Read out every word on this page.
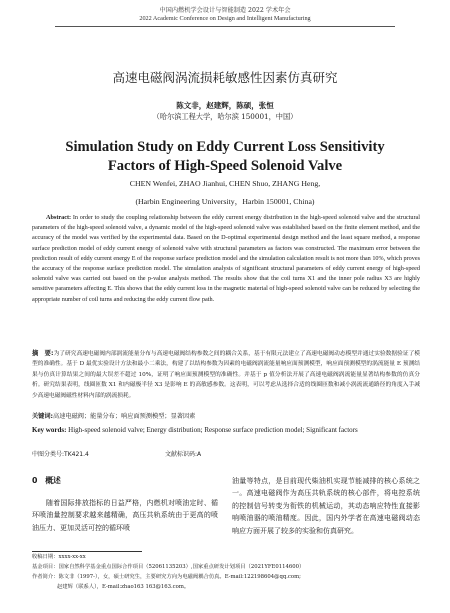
中国内燃机学会设计与智能制造 2022 学术年会
2022 Academic Conference on Design and Intelligent Manufacturing
高速电磁阀涡流损耗敏感性因素仿真研究
陈文非，赵建辉，陈硕，张恒
（哈尔滨工程大学，哈尔滨 150001，中国）
Simulation Study on Eddy Current Loss Sensitivity
Factors of High-Speed Solenoid Valve
CHEN Wenfei, ZHAO Jianhui, CHEN Shuo, ZHANG Heng,
(Harbin Engineering University，Harbin 150001, China)
Abstract: In order to study the coupling relationship between the eddy current energy distribution in the high-speed solenoid valve and the structural parameters of the high-speed solenoid valve, a dynamic model of the high-speed solenoid valve was established based on the finite element method, and the accuracy of the model was verified by the experimental data. Based on the D-optimal experimental design method and the least square method, a response surface prediction model of eddy current energy of solenoid valve with structural parameters as factors was constructed. The maximum error between the prediction result of eddy current energy E of the response surface prediction model and the simulation calculation result is not more than 10%, which proves the accuracy of the response surface prediction model. The simulation analysis of significant structural parameters of eddy current energy of high-speed solenoid valve was carried out based on the p-value analysis method. The results show that the coil turns X1 and the inner pole radius X3 are highly sensitive parameters affecting E. This shows that the eddy current loss in the magnetic material of high-speed solenoid valve can be reduced by selecting the appropriate number of coil turns and reducing the eddy current flow path.
摘　要:为了研究高速电磁阀内部涡流能量分布与高速电磁阀结构参数之间的耦合关系，基于有限元法建立了高速电磁阀动态模型并通过实验数据验证了模型的准确性。基于 D 最优实验设计方法和最小二乘法，构建了以结构参数为因素的电磁阀涡流能量响应面预测模型，响应面预测模型的涡流能量 E 预测结果与仿真计算结果之间的最大误差不超过 10%，证明了响应面预测模型的准确性。并基于 p 值分析法开展了高速电磁阀涡流能量显著结构参数的仿真分析。研究结果表明，线圈匝数 X1 和内磁极半径 X3 是影响 E 的高敏感参数。这表明，可以考虑从选择合适的线圈匝数和减小涡流流通路径的角度入手减少高速电磁阀磁性材料内部的涡流损耗。
关键词:高速电磁阀；能量分布；响应面预测模型；显著因素
Key words: High-speed solenoid valve; Energy distribution; Response surface prediction model; Significant factors
中图分类号:TK421.4	文献标识码:A
0　概述
随着国际排放指标的日益严格，内燃机对喷油定时、循环喷油量控制要求越来越精确，高压共轨系统由于更高的喷油压力、更加灵活可控的循环喷
油量等特点，是目前现代柴油机实现节能减排的核心系统之一。高速电磁阀作为高压共轨系统的核心部件，将电控系统的控制信号转变为衔铁的机械运动，其动态响应特性直接影响喷油器的喷油精度。因此，国内外学者在高速电磁阀动态响应方面开展了较多的实验和仿真研究。
收稿日期：xxxx-xx-xx
基金项目：国家自然科学基金重点国际合作项目（52061135203）,国家重点研发计划项目（2021YFE0114600）
作者简介：陈文非（1997-），女，硕士研究生，主要研究方向为电磁阀耦合仿真。E-mail:122198604@qq.com;
赵建辉（联系人），E-mail:zhao163 163@163.com。
